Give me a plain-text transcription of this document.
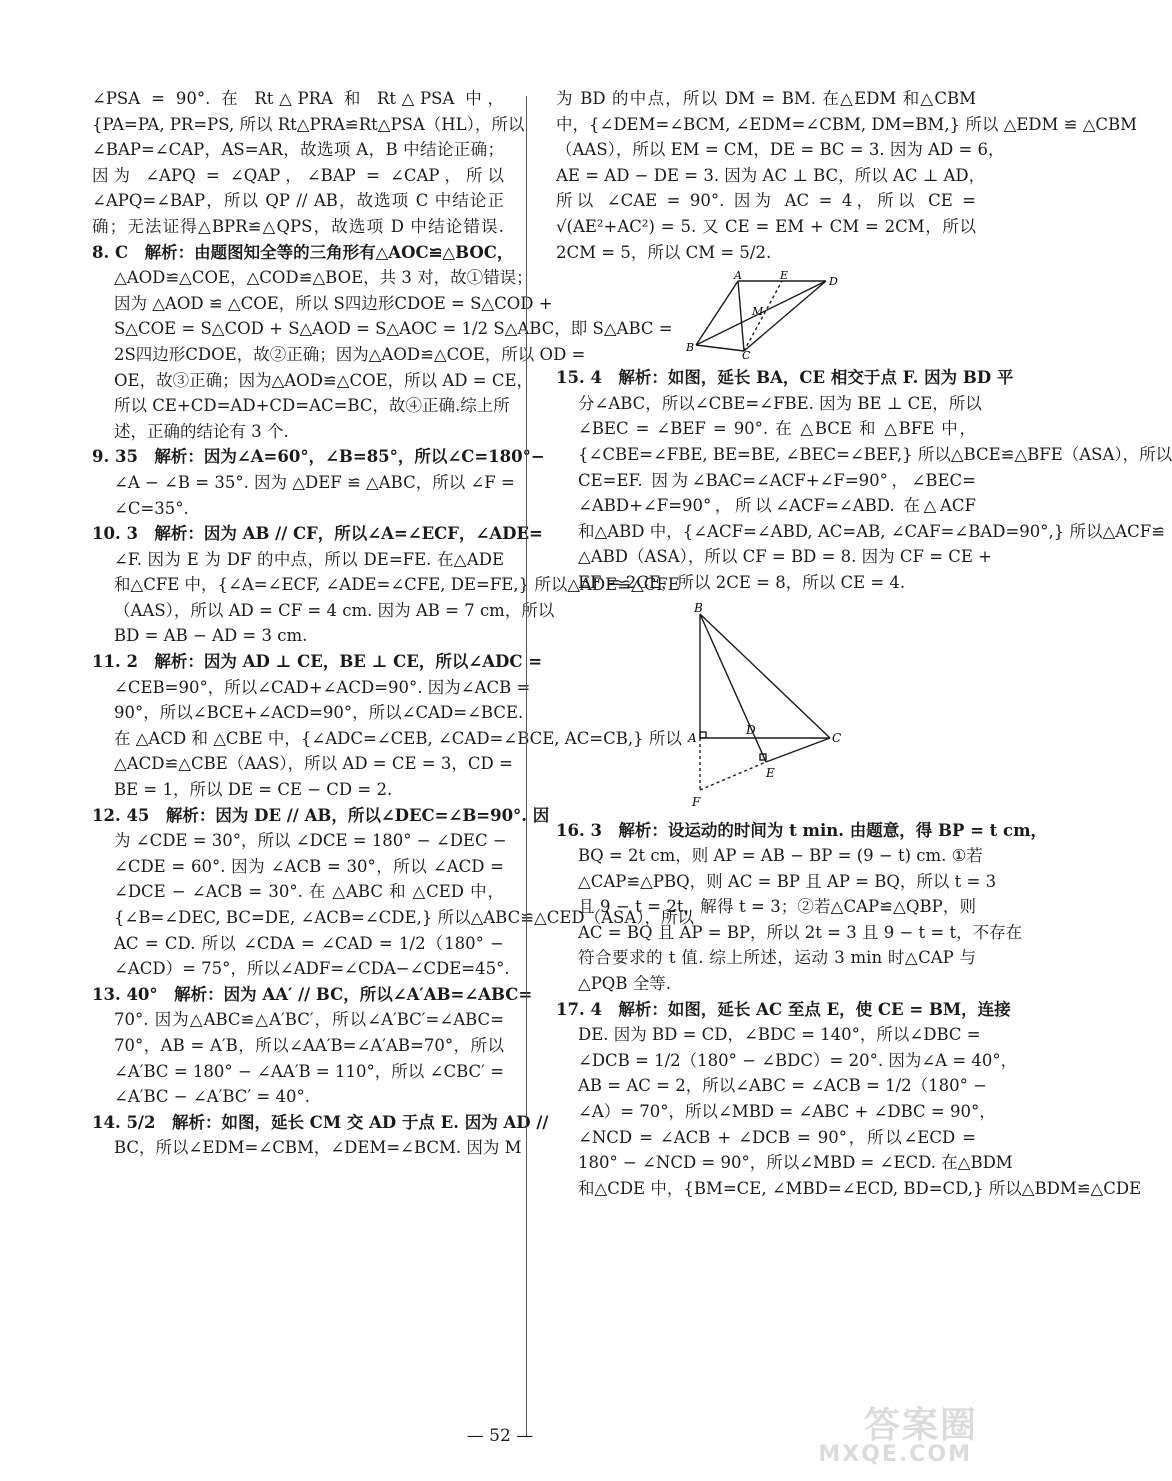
∠PSA = 90°. 在 Rt△PRA 和 Rt△PSA 中，
{PA=PA, PR=PS, 所以 Rt△PRA≌Rt△PSA（HL），所以
∠BAP=∠CAP，AS=AR，故选项 A，B 中结论正确；
因为 ∠APQ = ∠QAP，∠BAP = ∠CAP，所以
∠APQ=∠BAP，所以 QP // AB，故选项 C 中结论正
确；无法证得△BPR≌△QPS，故选项 D 中结论错误.
8. C　解析：由题图知全等的三角形有△AOC≌△BOC，
△AOD≌△COE，△COD≌△BOE，共 3 对，故①错误；
因为 △AOD ≌ △COE，所以 S四边形CDOE = S△COD +
S△COE = S△COD + S△AOD = S△AOC = 1/2 S△ABC，即 S△ABC =
2S四边形CDOE，故②正确；因为△AOD≌△COE，所以 OD =
OE，故③正确；因为△AOD≌△COE，所以 AD = CE，
所以 CE+CD=AD+CD=AC=BC，故④正确.综上所
述，正确的结论有 3 个.
9. 35　解析：因为∠A=60°，∠B=85°，所以∠C=180°−
∠A − ∠B = 35°. 因为 △DEF ≌ △ABC，所以 ∠F =
∠C=35°.
10. 3　解析：因为 AB // CF，所以∠A=∠ECF，∠ADE=
∠F. 因为 E 为 DF 的中点，所以 DE=FE. 在△ADE
和△CFE 中，{∠A=∠ECF, ∠ADE=∠CFE, DE=FE,} 所以△ADE≌△CFE
（AAS），所以 AD = CF = 4 cm. 因为 AB = 7 cm，所以
BD = AB − AD = 3 cm.
11. 2　解析：因为 AD ⊥ CE，BE ⊥ CE，所以∠ADC =
∠CEB=90°，所以∠CAD+∠ACD=90°. 因为∠ACB =
90°，所以∠BCE+∠ACD=90°，所以∠CAD=∠BCE.
在 △ACD 和 △CBE 中，{∠ADC=∠CEB, ∠CAD=∠BCE, AC=CB,} 所以
△ACD≌△CBE（AAS），所以 AD = CE = 3，CD =
BE = 1，所以 DE = CE − CD = 2.
12. 45　解析：因为 DE // AB，所以∠DEC=∠B=90°. 因
为 ∠CDE = 30°，所以 ∠DCE = 180° − ∠DEC −
∠CDE = 60°. 因为 ∠ACB = 30°，所以 ∠ACD =
∠DCE − ∠ACB = 30°. 在 △ABC 和 △CED 中，
{∠B=∠DEC, BC=DE, ∠ACB=∠CDE,} 所以△ABC≌△CED（ASA），所以
AC = CD. 所以 ∠CDA = ∠CAD = 1/2（180° −
∠ACD）= 75°，所以∠ADF=∠CDA−∠CDE=45°.
13. 40°　解析：因为 AA′ // BC，所以∠A′AB=∠ABC=
70°. 因为△ABC≌△A′BC′，所以∠A′BC′=∠ABC=
70°，AB = A′B，所以∠AA′B=∠A′AB=70°，所以
∠A′BC = 180° − ∠AA′B = 110°，所以 ∠CBC′ =
∠A′BC − ∠A′BC′ = 40°.
14. 5/2　解析：如图，延长 CM 交 AD 于点 E. 因为 AD //
BC，所以∠EDM=∠CBM，∠DEM=∠BCM. 因为 M
为 BD 的中点，所以 DM = BM. 在△EDM 和△CBM
中，{∠DEM=∠BCM, ∠EDM=∠CBM, DM=BM,} 所以 △EDM ≌ △CBM
（AAS），所以 EM = CM，DE = BC = 3. 因为 AD = 6，
AE = AD − DE = 3. 因为 AC ⊥ BC，所以 AC ⊥ AD，
所以 ∠CAE = 90°. 因为 AC = 4，所以 CE =
√(AE²+AC²) = 5. 又 CE = EM + CM = 2CM，所以
2CM = 5，所以 CM = 5/2.
A	E	D
M
B
C
15. 4　解析：如图，延长 BA，CE 相交于点 F. 因为 BD 平
分∠ABC，所以∠CBE=∠FBE. 因为 BE ⊥ CE，所以
∠BEC = ∠BEF = 90°. 在 △BCE 和 △BFE 中，
{∠CBE=∠FBE, BE=BE, ∠BEC=∠BEF,} 所以△BCE≌△BFE（ASA），所以
CE=EF. 因为∠BAC=∠ACF+∠F=90°，∠BEC=
∠ABD+∠F=90°，所以∠ACF=∠ABD. 在△ACF
和△ABD 中，{∠ACF=∠ABD, AC=AB, ∠CAF=∠BAD=90°,} 所以△ACF≌
△ABD（ASA），所以 CF = BD = 8. 因为 CF = CE +
EF = 2CE，所以 2CE = 8，所以 CE = 4.
B
A
D
C
E
F
16. 3　解析：设运动的时间为 t min. 由题意，得 BP = t cm，
BQ = 2t cm，则 AP = AB − BP = (9 − t) cm. ①若
△CAP≌△PBQ，则 AC = BP 且 AP = BQ，所以 t = 3
且 9 − t = 2t，解得 t = 3；②若△CAP≌△QBP，则
AC = BQ 且 AP = BP，所以 2t = 3 且 9 − t = t，不存在
符合要求的 t 值. 综上所述，运动 3 min 时△CAP 与
△PQB 全等.
17. 4　解析：如图，延长 AC 至点 E，使 CE = BM，连接
DE. 因为 BD = CD，∠BDC = 140°，所以∠DBC =
∠DCB = 1/2（180° − ∠BDC）= 20°. 因为∠A = 40°，
AB = AC = 2，所以∠ABC = ∠ACB = 1/2（180° −
∠A）= 70°，所以∠MBD = ∠ABC + ∠DBC = 90°，
∠NCD = ∠ACB + ∠DCB = 90°，所以∠ECD =
180° − ∠NCD = 90°，所以∠MBD = ∠ECD. 在△BDM
和△CDE 中，{BM=CE, ∠MBD=∠ECD, BD=CD,} 所以△BDM≌△CDE
— 52 —	答案圈
MXQE.COM
